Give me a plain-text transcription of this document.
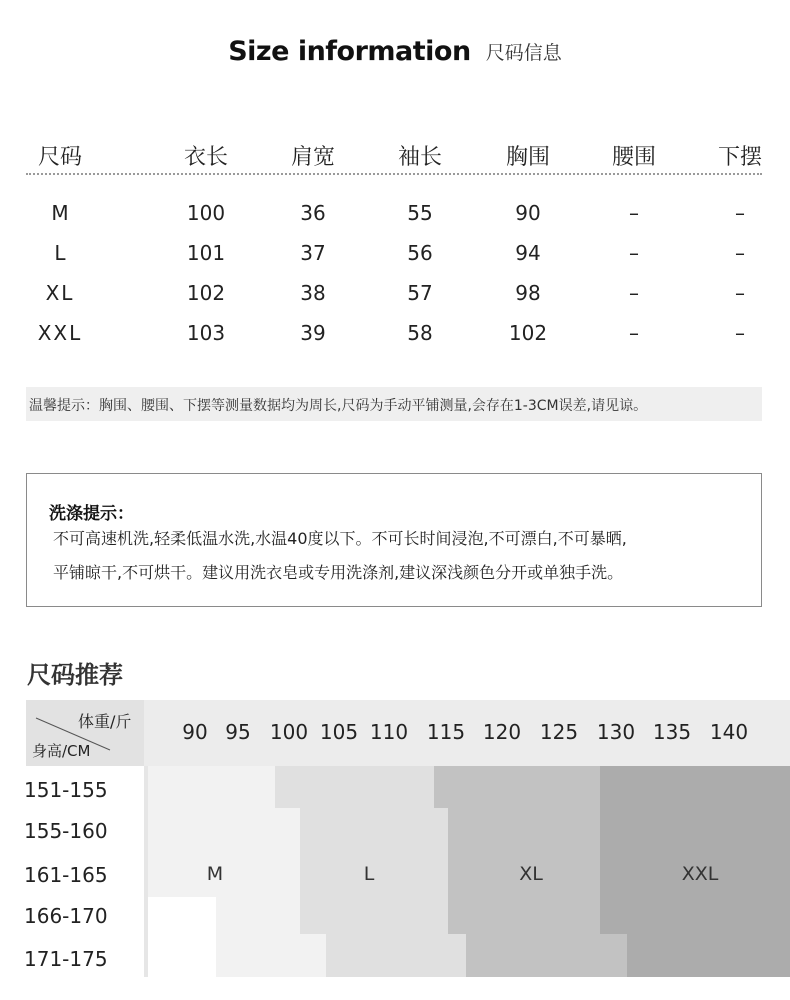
Size information 尺码信息
尺码	衣长	肩宽	袖长	胸围	腰围	下摆
M	100	36	55	90	–	–
L	101	37	56	94	–	–
XL	102	38	57	98	–	–
XXL	103	39	58	102	–	–
温馨提示：胸围、腰围、下摆等测量数据均为周长,尺码为手动平铺测量,会存在1-3CM误差,请见谅。
洗涤提示：
不可高速机洗,轻柔低温水洗,水温40度以下。不可长时间浸泡,不可漂白,不可暴晒,
平铺晾干,不可烘干。建议用洗衣皂或专用洗涤剂,建议深浅颜色分开或单独手洗。
尺码推荐
体重/斤
身高/CM
90 95 100 105 110 115 120 125 130 135 140
151-155
155-160
161-165
166-170
171-175
M	L	XL	XXL
